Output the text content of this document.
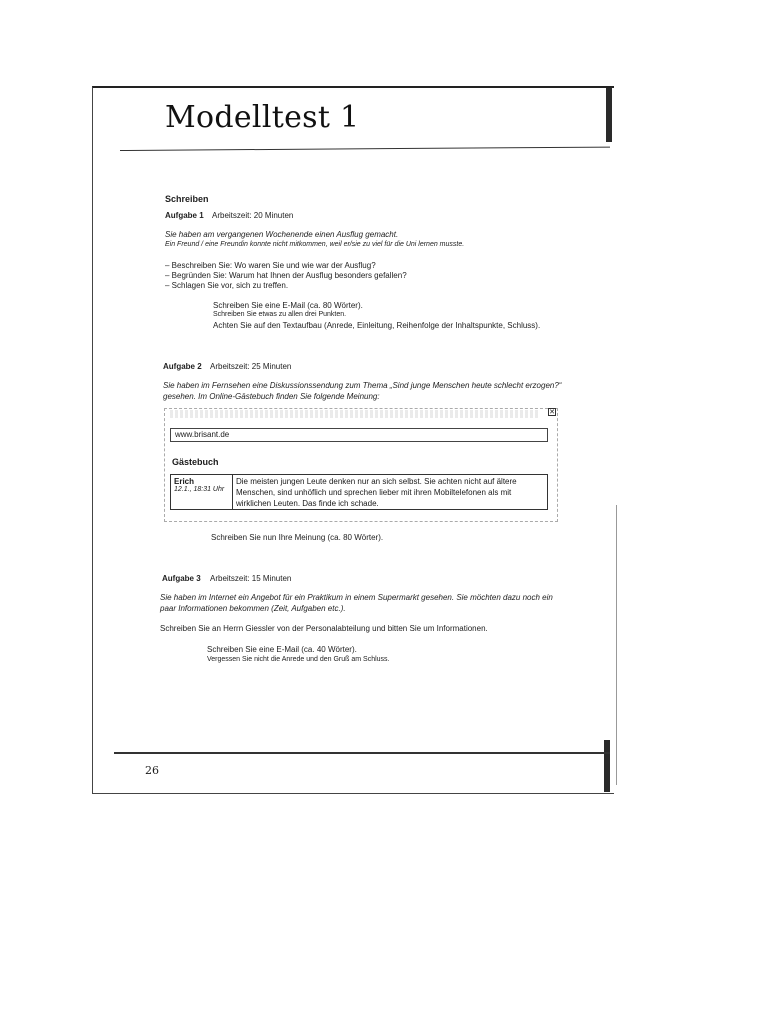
Modelltest 1
Schreiben
Aufgabe 1 Arbeitszeit: 20 Minuten
Sie haben am vergangenen Wochenende einen Ausflug gemacht.
Ein Freund / eine Freundin konnte nicht mitkommen, weil er/sie zu viel für die Uni lernen musste.
– Beschreiben Sie: Wo waren Sie und wie war der Ausflug?
– Begründen Sie: Warum hat Ihnen der Ausflug besonders gefallen?
– Schlagen Sie vor, sich zu treffen.
Schreiben Sie eine E-Mail (ca. 80 Wörter).
Schreiben Sie etwas zu allen drei Punkten.
Achten Sie auf den Textaufbau (Anrede, Einleitung, Reihenfolge der Inhaltspunkte, Schluss).
Aufgabe 2 Arbeitszeit: 25 Minuten
Sie haben im Fernsehen eine Diskussionssendung zum Thema „Sind junge Menschen heute schlecht erzogen?“
gesehen. Im Online-Gästebuch finden Sie folgende Meinung:
✕
www.brisant.de
Gästebuch
Erich
12.1., 18:31 Uhr
Die meisten jungen Leute denken nur an sich selbst. Sie achten nicht auf ältere
Menschen, sind unhöflich und sprechen lieber mit ihren Mobiltelefonen als mit
wirklichen Leuten. Das finde ich schade.
Schreiben Sie nun Ihre Meinung (ca. 80 Wörter).
Aufgabe 3 Arbeitszeit: 15 Minuten
Sie haben im Internet ein Angebot für ein Praktikum in einem Supermarkt gesehen. Sie möchten dazu noch ein
paar Informationen bekommen (Zeit, Aufgaben etc.).
Schreiben Sie an Herrn Giessler von der Personalabteilung und bitten Sie um Informationen.
Schreiben Sie eine E-Mail (ca. 40 Wörter).
Vergessen Sie nicht die Anrede und den Gruß am Schluss.
26
